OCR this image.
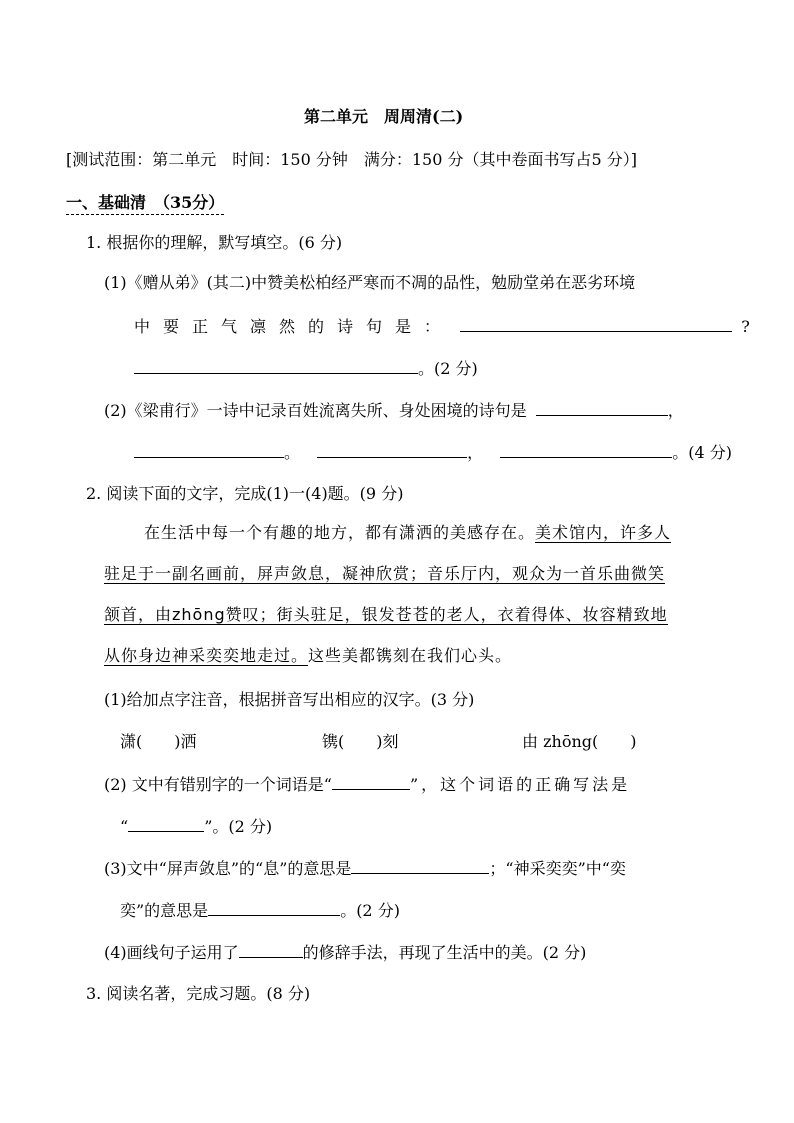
第二单元　周周清(二)
[测试范围：第二单元　时间：150 分钟　满分：150 分（其中卷面书写占5 分）]
一、基础清　（35分）
1. 根据你的理解，默写填空。(6 分)
(1)《赠从弟》(其二)中赞美松柏经严寒而不凋的品性，勉励堂弟在恶劣环境
中要正气凛然的诗句是：	?
。(2 分)
(2)《梁甫行》一诗中记录百姓流离失所、身处困境的诗句是	，
。	，	。(4 分)
2. 阅读下面的文字，完成(1)一(4)题。(9 分)
在生活中每一个有趣的地方，都有潇洒的美感存在。美术馆内，许多人
驻足于一副名画前，屏声敛息，凝神欣赏；音乐厅内，观众为一首乐曲微笑
颔首，由zhōng赞叹；街头驻足，银发苍苍的老人，衣着得体、妆容精致地
从你身边神采奕奕地走过。这些美都镌刻在我们心头。
(1)给加点字注音，根据拼音写出相应的汉字。(3 分)
潇(　　)洒	镌(　　)刻	由 zhōng(　　)
(2) 文中有错别字的一个词语是“	”，这个词语的正确写法是
“	”。(2 分)
(3)文中“屏声敛息”的“息”的意思是	；“神采奕奕”中“奕
奕”的意思是	。(2 分)
(4)画线句子运用了	的修辞手法，再现了生活中的美。(2 分)
3. 阅读名著，完成习题。(8 分)
